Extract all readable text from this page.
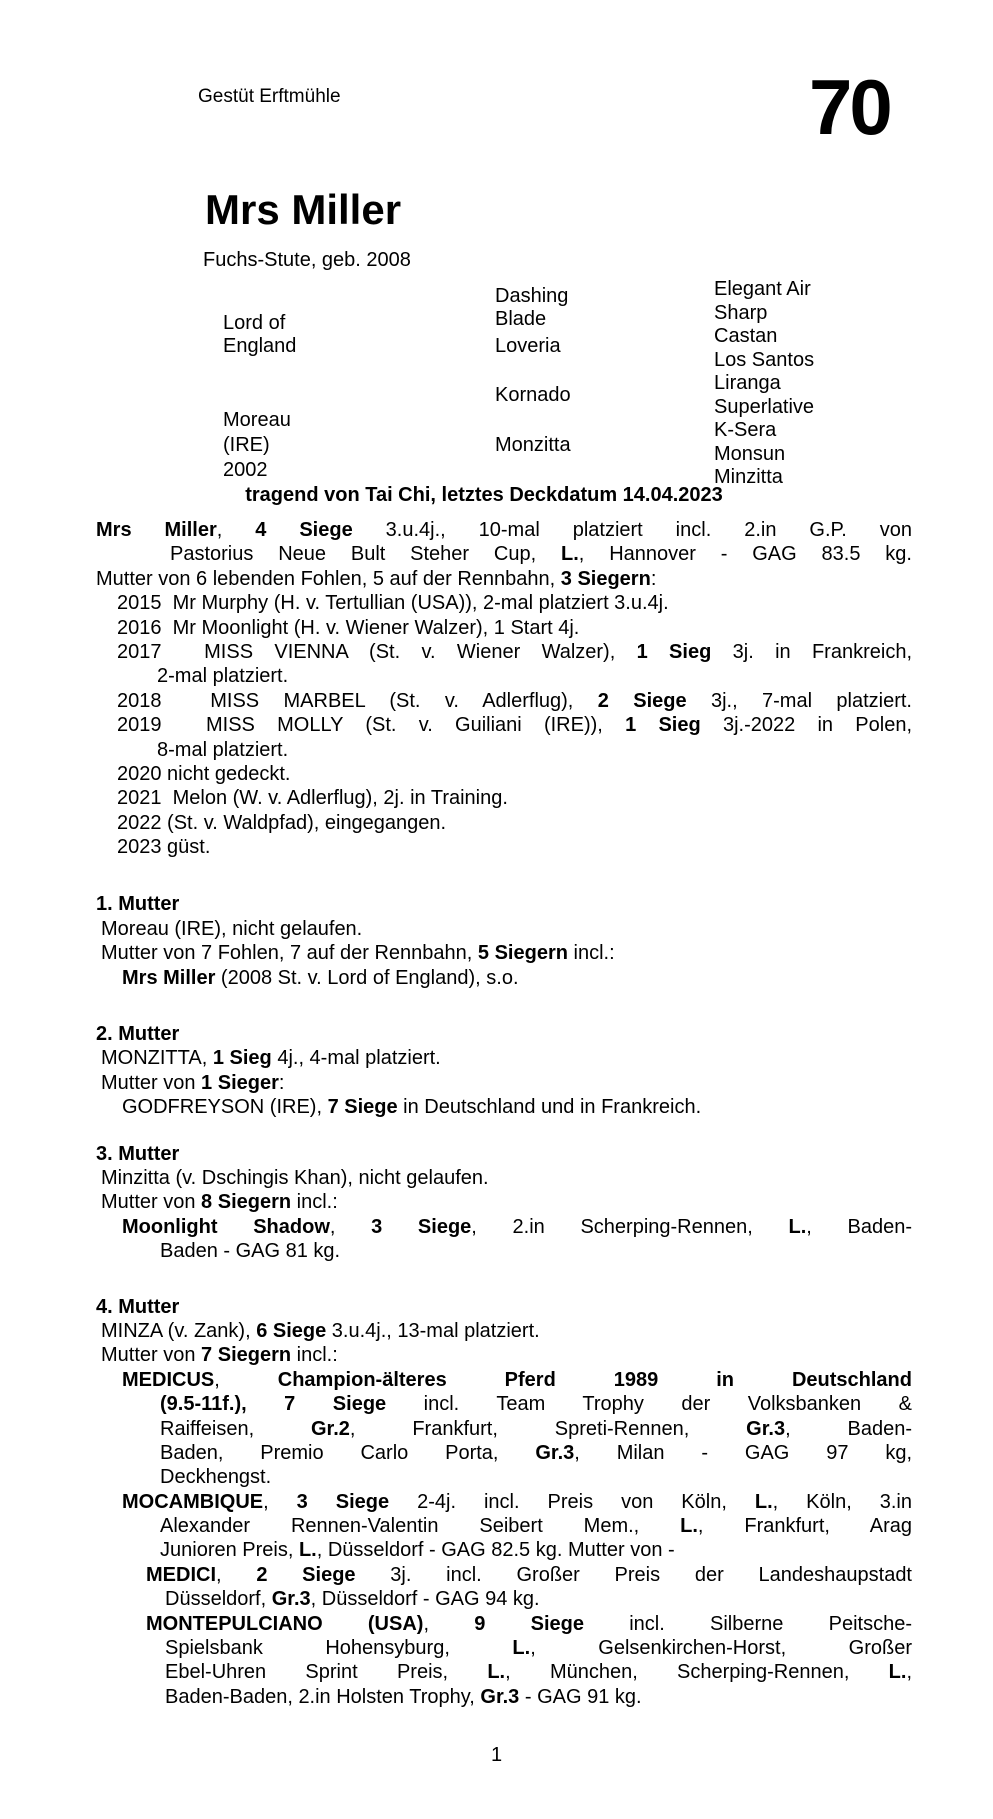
Gestüt Erftmühle	70
Mrs Miller
Fuchs-Stute, geb. 2008
Lord of England
Moreau (IRE)
2002
Dashing Blade
Loveria
Kornado
Monzitta
Elegant Air
Sharp Castan
Los Santos
Liranga
Superlative
K-Sera
Monsun
Minzitta
tragend von Tai Chi, letztes Deckdatum 14.04.2023
Mrs Miller, 4 Siege 3.u.4j., 10-mal platziert incl. 2.in G.P. von
Pastorius Neue Bult Steher Cup, L., Hannover - GAG 83.5 kg.
Mutter von 6 lebenden Fohlen, 5 auf der Rennbahn, 3 Siegern:
2015  Mr Murphy (H. v. Tertullian (USA)), 2-mal platziert 3.u.4j.
2016  Mr Moonlight (H. v. Wiener Walzer), 1 Start 4j.
2017  MISS VIENNA (St. v. Wiener Walzer), 1 Sieg 3j. in Frankreich,
2-mal platziert.
2018  MISS MARBEL (St. v. Adlerflug), 2 Siege 3j., 7-mal platziert.
2019  MISS MOLLY (St. v. Guiliani (IRE)), 1 Sieg 3j.-2022 in Polen,
8-mal platziert.
2020 nicht gedeckt.
2021  Melon (W. v. Adlerflug), 2j. in Training.
2022 (St. v. Waldpfad), eingegangen.
2023 güst.
1. Mutter
Moreau (IRE), nicht gelaufen.
Mutter von 7 Fohlen, 7 auf der Rennbahn, 5 Siegern incl.:
Mrs Miller (2008 St. v. Lord of England), s.o.
2. Mutter
MONZITTA, 1 Sieg 4j., 4-mal platziert.
Mutter von 1 Sieger:
GODFREYSON (IRE), 7 Siege in Deutschland und in Frankreich.
3. Mutter
Minzitta (v. Dschingis Khan), nicht gelaufen.
Mutter von 8 Siegern incl.:
Moonlight Shadow, 3 Siege, 2.in Scherping-Rennen, L., Baden-
Baden - GAG 81 kg.
4. Mutter
MINZA (v. Zank), 6 Siege 3.u.4j., 13-mal platziert.
Mutter von 7 Siegern incl.:
MEDICUS, Champion-älteres Pferd 1989 in Deutschland
(9.5-11f.), 7 Siege incl. Team Trophy der Volksbanken &
Raiffeisen, Gr.2, Frankfurt, Spreti-Rennen, Gr.3, Baden-
Baden, Premio Carlo Porta, Gr.3, Milan - GAG 97 kg,
Deckhengst.
MOCAMBIQUE, 3 Siege 2-4j. incl. Preis von Köln, L., Köln, 3.in
Alexander Rennen-Valentin Seibert Mem., L., Frankfurt, Arag
Junioren Preis, L., Düsseldorf - GAG 82.5 kg. Mutter von -
MEDICI, 2 Siege 3j. incl. Großer Preis der Landeshaupstadt
Düsseldorf, Gr.3, Düsseldorf - GAG 94 kg.
MONTEPULCIANO (USA), 9 Siege incl. Silberne Peitsche-
Spielsbank Hohensyburg, L., Gelsenkirchen-Horst, Großer
Ebel-Uhren Sprint Preis, L., München, Scherping-Rennen, L.,
Baden-Baden, 2.in Holsten Trophy, Gr.3 - GAG 91 kg.
1
